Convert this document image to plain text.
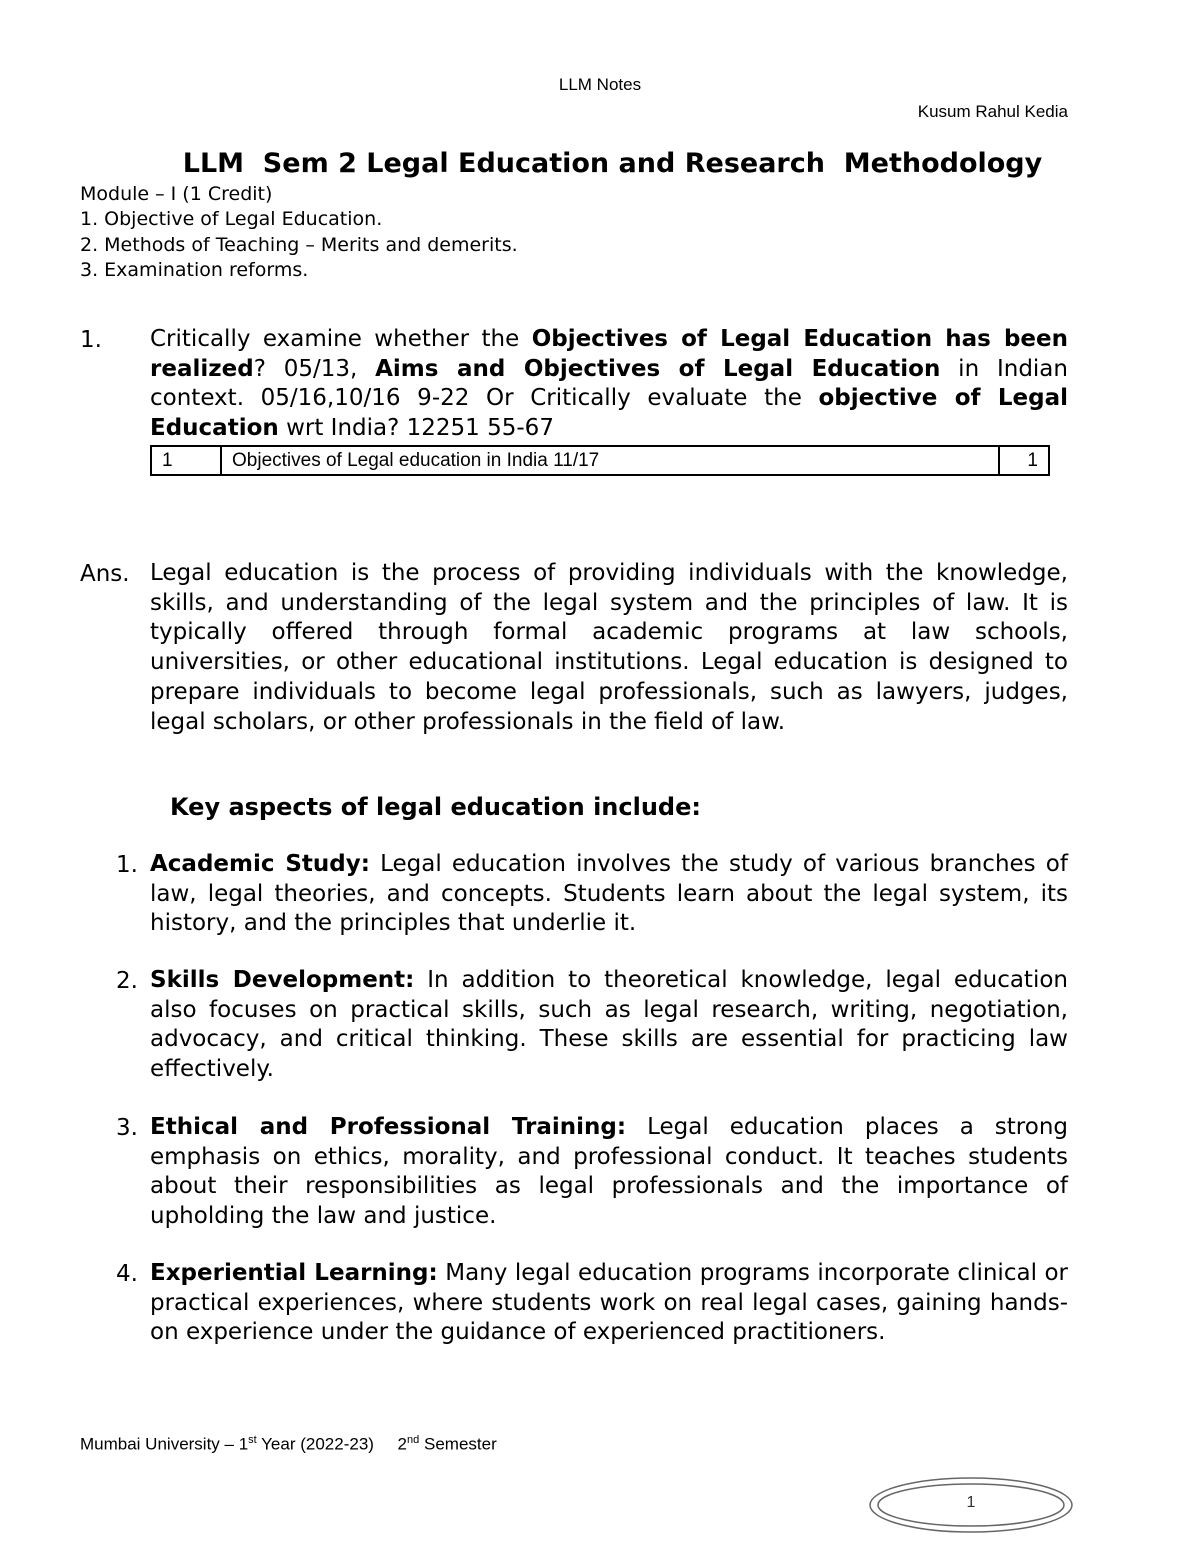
LLM Notes
Kusum Rahul Kedia
LLM  Sem 2 Legal Education and Research  Methodology
Module – I (1 Credit)
1. Objective of Legal Education.
2. Methods of Teaching – Merits and demerits.
3. Examination reforms.
1. Critically examine whether the Objectives of Legal Education has been realized? 05/13, Aims and Objectives of Legal Education in Indian context. 05/16,10/16 9-22 Or Critically evaluate the objective of Legal Education wrt India? 12251 55-67
1	Objectives of Legal education in India 11/17	1
Ans. Legal education is the process of providing individuals with the knowledge, skills, and understanding of the legal system and the principles of law. It is typically offered through formal academic programs at law schools, universities, or other educational institutions. Legal education is designed to prepare individuals to become legal professionals, such as lawyers, judges, legal scholars, or other professionals in the field of law.
Key aspects of legal education include:
1. Academic Study: Legal education involves the study of various branches of law, legal theories, and concepts. Students learn about the legal system, its history, and the principles that underlie it.
2. Skills Development: In addition to theoretical knowledge, legal education also focuses on practical skills, such as legal research, writing, negotiation, advocacy, and critical thinking. These skills are essential for practicing law effectively.
3. Ethical and Professional Training: Legal education places a strong emphasis on ethics, morality, and professional conduct. It teaches students about their responsibilities as legal professionals and the importance of upholding the law and justice.
4. Experiential Learning: Many legal education programs incorporate clinical or practical experiences, where students work on real legal cases, gaining hands-on experience under the guidance of experienced practitioners.
Mumbai University – 1st Year (2022-23)     2nd Semester
1
